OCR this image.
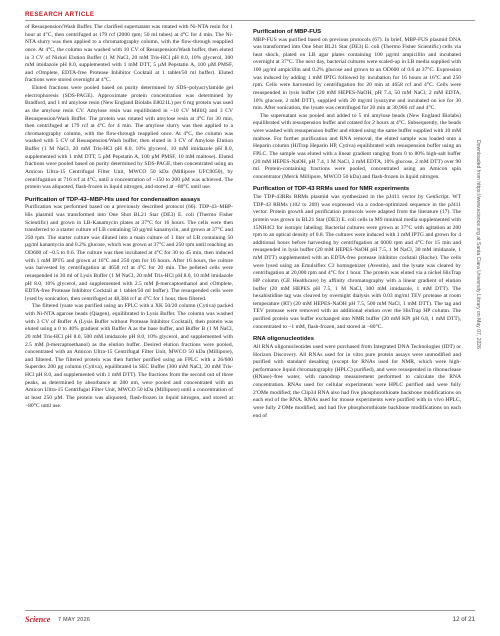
RESEARCH ARTICLE

of Resuspension/Wash Buffer. The clarified supernatant was rotated with Ni-NTA resin for 1 hour at 4°C, then centrifuged at 179 rcf (2000 rpm; 50 ml tubes) at 4°C for 4 min. The Ni-NTA slurry was then applied to a chromatography column, with the flow-through reapplied once. At 4°C, the column was washed with 10 CV of Resuspension/Wash buffer, then eluted in 3 CV of Nickel Elution Buffer (1 M NaCl, 20 mM Tris-HCl pH 8.0, 10% glycerol, 300 mM imidazole pH 8.0, supplemented with 1 mM DTT, 5 µM Pepstatin A, 100 µM PMSF, and cOmplete, EDTA-free Protease Inhibitor Cocktail at 1 tablet/50 ml buffer). Eluted fractions were stored overnight at 4°C.

Eluted fractions were pooled based on purity determined by SDS–polyacrylamide gel electrophoresis (SDS-PAGE). Approximate protein concentration was determined by Bradford, and 1 ml amylose resin (New England Biolabs E8021L) per 6 mg protein was used as the amylose resin CV. Amylose resin was equilibrated in ~10 CV MilliQ and 3 CV Resuspension/Wash Buffer. The protein was rotated with amylose resin at 4°C for 30 min, then centrifuged at 179 rcf at 4°C for 4 min. The amylose slurry was then applied to a chromatography column, with the flow-through reapplied once. At 4°C, the column was washed with 5 CV of Resuspension/Wash buffer, then eluted in 3 CV of Amylose Elution Buffer (1 M NaCl, 20 mM Tris-HCl pH 8.0, 10% glycerol, 10 mM imidazole pH 8.0, supplemented with 1 mM DTT, 5 µM Pepstatin A, 100 µM PMSF, 10 mM maltose). Eluted fractions were pooled based on purity determined by SDS-PAGE, then concentrated using an Amicon Ultra-15 Centrifugal Filter Unit, MWCO 50 kDa (Millipore UFC9050), by centrifugation at 716 rcf at 4°C, until a concentration of ~150 to 200 µM was achieved. The protein was aliquoted, flash-frozen in liquid nitrogen, and stored at −80°C until use.

Purification of TDP-43–MBP-His used for condensation assays

Purification was performed based on a previously described protocol (66). TDP-43–MBP-His plasmid was transformed into One Shot BL21 Star (DE3) E. coli (Thermo Fisher Scientific) and grown in LB-Kanamycin plates at 37°C for 16 hours. The cells were then transferred to a starter culture of LB containing 50 µg/ml kanamycin, and grown at 37°C and 250 rpm. The starter culture was diluted into a main culture of 1 liter of LB containing 50 µg/ml kanamycin and 0.2% glucose, which was grown at 37°C and 250 rpm until reaching an OD600 of ~0.5 to 0.6. The culture was then incubated at 4°C for 30 to 45 min, then induced with 1 mM IPTG and grown at 16°C and 250 rpm for 16 hours. After 16 hours, the culture was harvested by centrifugation at 4658 rcf at 4°C for 20 min. The pelleted cells were resuspended in 30 ml of Lysis Buffer (1 M NaCl, 20 mM Tris-HCl pH 8.0, 10 mM imidazole pH 8.0, 10% glycerol, and supplemented with 2.5 mM β-mercaptoethanol and cOmplete, EDTA-free Protease Inhibitor Cocktail at 1 tablet/50 ml buffer). The resuspended cells were lysed by sonication, then centrifuged at 48,384 rcf at 4°C for 1 hour, then filtered.

The filtered lysate was purified using an FPLC with a XK 50/20 column (Cytiva) packed with Ni-NTA agarose beads (Qiagen), equilibrated in Lysis Buffer. The column was washed with 3 CV of Buffer A (Lysis Buffer without Protease Inhibitor Cocktail), then protein was eluted using a 0 to 40% gradient with Buffer A as the base buffer, and Buffer B (1 M NaCl, 20 mM Tris-HCl pH 8.0, 500 mM imidazole pH 8.0, 10% glycerol, and supplemented with 2.5 mM β-mercaptoethanol) as the elution buffer. Desired elution fractions were pooled, concentrated with an Amicon Ultra-15 Centrifugal Filter Unit, MWCO 50 kDa (Millipore), and filtered. The filtered protein was then further purified using an FPLC with a 26/600 Superdex 200 pg column (Cytiva), equilibrated in SEC Buffer (300 mM NaCl, 20 mM Tris-HCl pH 8.0, and supplemented with 1 mM DTT). The fractions from the second out of three peaks, as determined by absorbance at 280 nm, were pooled and concentrated with an Amicon Ultra-15 Centrifugal Filter Unit, MWCO 50 kDa (Millipore) until a concentration of at least 250 µM. The protein was aliquoted, flash-frozen in liquid nitrogen, and stored at −80°C until use.

Purification of MBP-FUS

MBP-FUS was purified based on previous protocols (67). In brief, MBP-FUS plasmid DNA was transformed into One Shot BL21 Star (DE3) E. coli (Thermo Fisher Scientific) cells via heat shock, plated on LB agar plates containing 100 µg/ml ampicillin and incubated overnight at 37°C. The next day, bacterial cultures were scaled-up in LB media supplied with 100 µg/ml ampicillin and 0.2% glucose and grown to an OD600 of 0.6 at 37°C. Expression was induced by adding 1 mM IPTG followed by incubation for 16 hours at 16°C and 250 rpm. Cells were harvested by centrifugation for 20 min at 4658 rcf and 4°C. Cells were resuspended in lysis buffer (20 mM HEPES-NaOH, pH 7.4, 50 mM NaCl, 2 mM EDTA, 10% glucose, 2 mM DTT), supplied with 20 mg/ml lysozyme and incubated on ice for 30 min. After sonication, the lysate was centrifuged for 20 min at 30,966 rcf and 4°C.

The supernatant was pooled and added to 5 ml amylose beads (New England Biolabs) equilibrated with resuspension buffer and rotated for 2 hours at 4°C. Subsequently, the beads were washed with resuspension buffer and eluted using the same buffer supplied with 10 mM maltose. For further purification and RNA removal, the eluted sample was loaded onto a Heparin column (HiTrap Heparin HP, Cytiva) equilibrated with resuspension buffer using an FPLC. The sample was eluted with a linear gradient ranging from 0 to 80% high-salt buffer (20 mM HEPES-NaOH, pH 7.4, 1 M NaCl, 2 mM EDTA, 10% glucose, 2 mM DTT) over 90 ml. Protein-containing fractions were pooled, concentrated using an Amicon spin concentrator (Merck Millipore, MWCO 50 kDa) and flash-frozen in liquid nitrogen.

Purification of TDP-43 RRMs used for NMR experiments

The TDP-43RRs RRMs plasmid was synthesized in the pJ411 vector by GenScript. WT TDP-43 RRMs (102 to 269) was expressed via a codon-optimized sequence in the pJ411 vector. Protein growth and purification protocols were adapted from the literature (17). The protein was grown in BL21 Star (DE3) E. coli cells in M9 minimal media supplemented with 15NH4Cl for isotopic labeling. Bacterial cultures were grown at 37°C with agitation at 200 rpm to an optical density of 0.8. The cultures were induced with 1 mM IPTG and grown for 4 additional hours before harvesting by centrifugation at 6000 rpm and 4°C for 15 min and resuspended in lysis buffer (20 mM HEPES-NaOH pH 7.5, 1 M NaCl, 30 mM imidazole, 1 mM DTT) supplemented with an EDTA-free protease inhibitor cocktail (Roche). The cells were lysed using an Emulsiflex C3 homogenizer (Avestin), and the lysate was cleared by centrifugation at 20,000 rpm and 4°C for 1 hour. The protein was eluted via a nickel HisTrap HP column (GE Healthcare) by affinity chromatography with a linear gradient of elution buffer (20 mM HEPES pH 7.5, 1 M NaCl, 300 mM imidazole, 1 mM DTT). The hexahistidine tag was cleaved by overnight dialysis with 0.03 mg/ml TEV protease at room temperature (RT) (20 mM HEPES-NaOH pH 7.5, 500 mM NaCl, 1 mM DTT). The tag and TEV protease were removed with an additional elution over the HisTrap HP column. The purified protein was buffer exchanged into NMR buffer (20 mM KPi pH 6.8, 1 mM DTT), concentrated to ~1 mM, flash-frozen, and stored at −80°C.

RNA oligonucleotides

All RNA oligonucleotides used were purchased from Integrated DNA Technologies (IDT) or Horizon Discovery. All RNAs used for in vitro pure protein assays were unmodified and purified with standard desalting (except for RNAs used for NMR, which were high-performance liquid chromatography (HPLC) purified), and were resuspended in ribonuclease (RNase)–free water, with nanodrop measurement performed to calculate the RNA concentration. RNAs used for cellular experiments were HPLC purified and were fully 2′OMe modified; the Clip34 RNA also had five phosphorothioate backbone modifications on each end of the RNA. RNAs used for mouse experiments were purified with in vivo HPLC, were fully 2′OMe modified, and had five phosphorothioate backbone modifications on each end of

Downloaded from https://www.science.org at Santa Clara University Library on May 07, 2026
Science 7 MAY 2026	12 of 21
